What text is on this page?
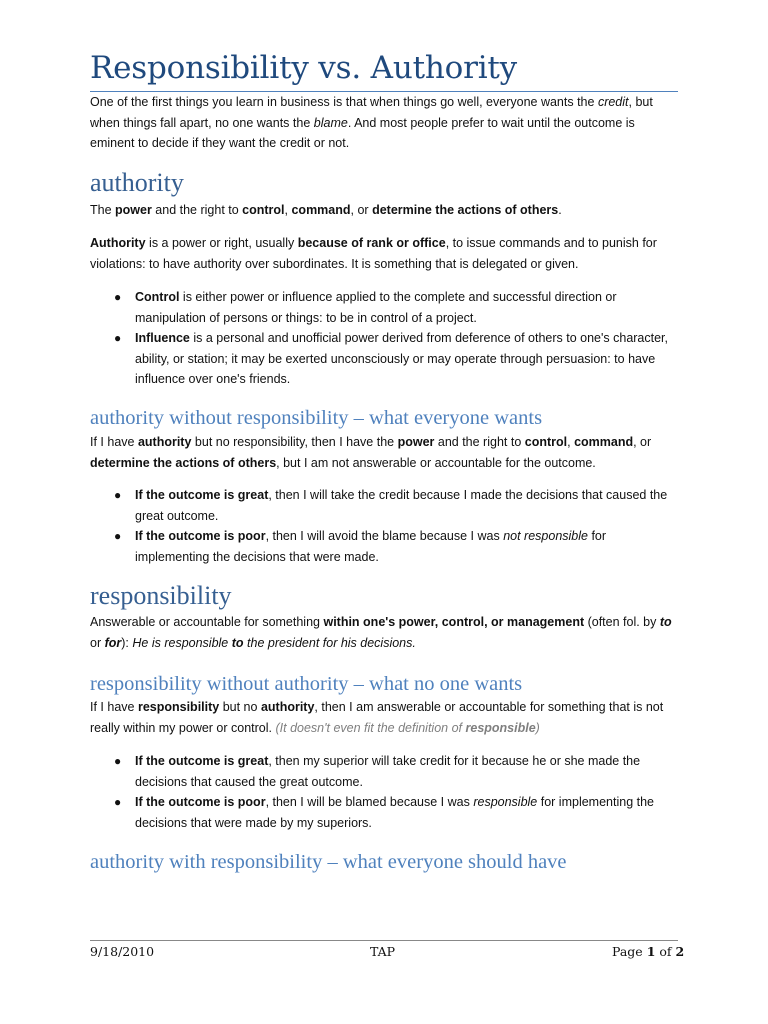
Responsibility vs. Authority
One of the first things you learn in business is that when things go well, everyone wants the credit, but when things fall apart, no one wants the blame. And most people prefer to wait until the outcome is eminent to decide if they want the credit or not.
authority
The power and the right to control, command, or determine the actions of others.
Authority is a power or right, usually because of rank or office, to issue commands and to punish for violations: to have authority over subordinates. It is something that is delegated or given.
● Control is either power or influence applied to the complete and successful direction or manipulation of persons or things: to be in control of a project.
● Influence is a personal and unofficial power derived from deference of others to one's character, ability, or station; it may be exerted unconsciously or may operate through persuasion: to have influence over one's friends.
authority without responsibility – what everyone wants
If I have authority but no responsibility, then I have the power and the right to control, command, or determine the actions of others, but I am not answerable or accountable for the outcome.
● If the outcome is great, then I will take the credit because I made the decisions that caused the great outcome.
● If the outcome is poor, then I will avoid the blame because I was not responsible for implementing the decisions that were made.
responsibility
Answerable or accountable for something within one's power, control, or management (often fol. by to or for): He is responsible to the president for his decisions.
responsibility without authority – what no one wants
If I have responsibility but no authority, then I am answerable or accountable for something that is not really within my power or control. (It doesn't even fit the definition of responsible)
● If the outcome is great, then my superior will take credit for it because he or she made the decisions that caused the great outcome.
● If the outcome is poor, then I will be blamed because I was responsible for implementing the decisions that were made by my superiors.
authority with responsibility – what everyone should have
9/18/2010	TAP	Page 1 of 2
